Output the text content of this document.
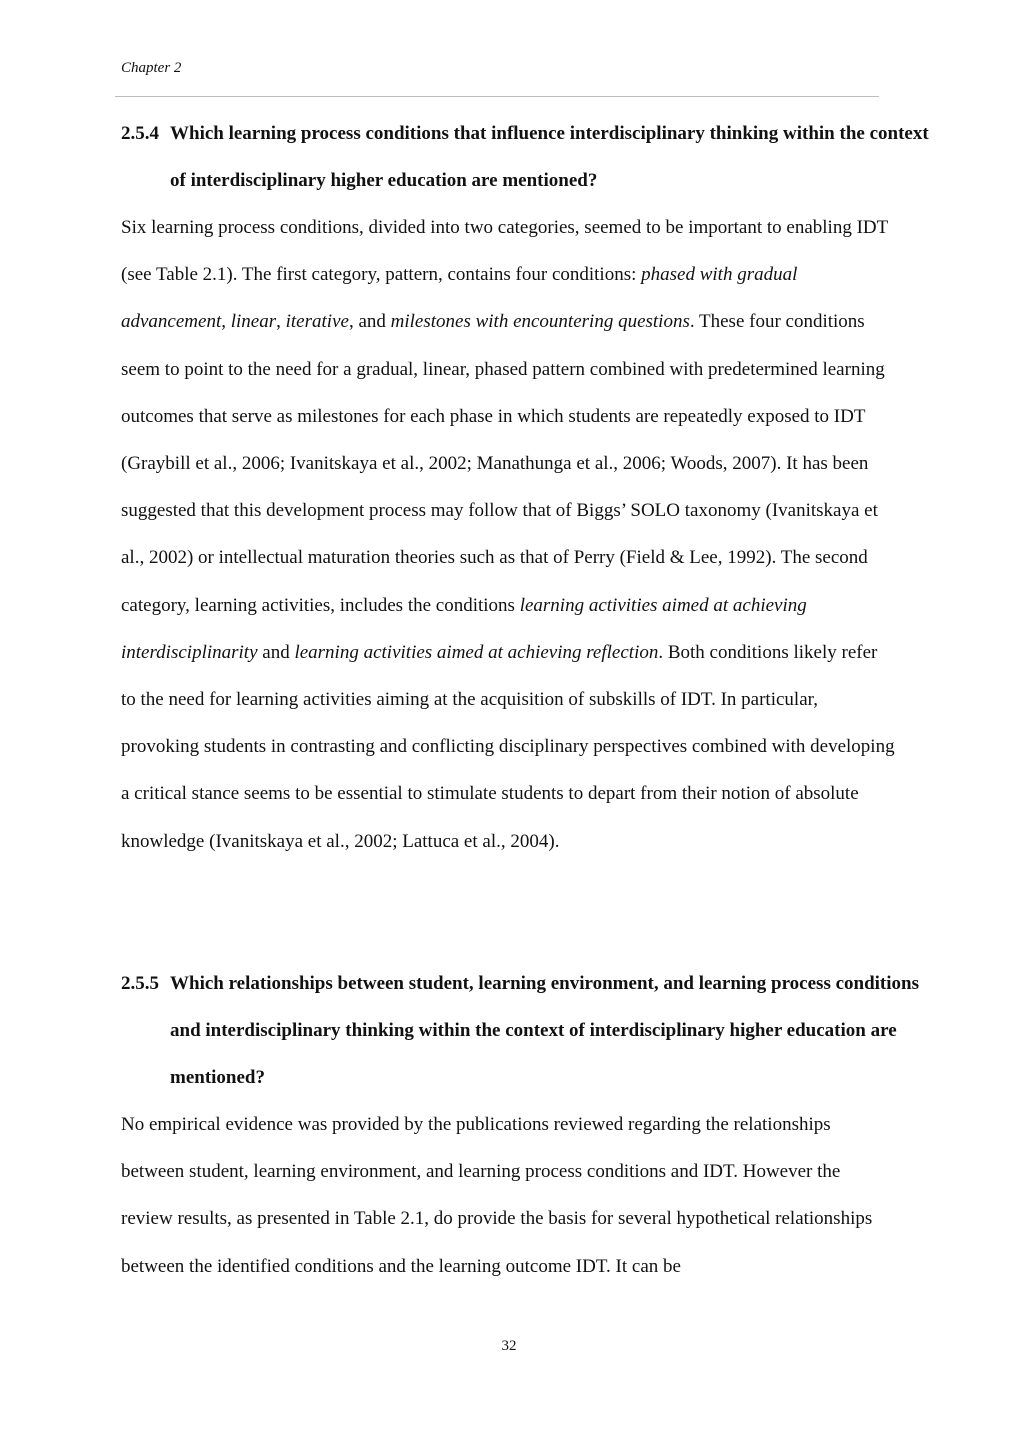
Chapter 2
2.5.4 Which learning process conditions that influence interdisciplinary thinking within the context of interdisciplinary higher education are mentioned?
Six learning process conditions, divided into two categories, seemed to be important to enabling IDT (see Table 2.1). The first category, pattern, contains four conditions: phased with gradual advancement, linear, iterative, and milestones with encountering questions. These four conditions seem to point to the need for a gradual, linear, phased pattern combined with predetermined learning outcomes that serve as milestones for each phase in which students are repeatedly exposed to IDT (Graybill et al., 2006; Ivanitskaya et al., 2002; Manathunga et al., 2006; Woods, 2007). It has been suggested that this development process may follow that of Biggs’ SOLO taxonomy (Ivanitskaya et al., 2002) or intellectual maturation theories such as that of Perry (Field & Lee, 1992). The second category, learning activities, includes the conditions learning activities aimed at achieving interdisciplinarity and learning activities aimed at achieving reflection. Both conditions likely refer to the need for learning activities aiming at the acquisition of subskills of IDT. In particular, provoking students in contrasting and conflicting disciplinary perspectives combined with developing a critical stance seems to be essential to stimulate students to depart from their notion of absolute knowledge (Ivanitskaya et al., 2002; Lattuca et al., 2004).
2.5.5 Which relationships between student, learning environment, and learning process conditions and interdisciplinary thinking within the context of interdisciplinary higher education are mentioned?
No empirical evidence was provided by the publications reviewed regarding the relationships between student, learning environment, and learning process conditions and IDT. However the review results, as presented in Table 2.1, do provide the basis for several hypothetical relationships between the identified conditions and the learning outcome IDT. It can be
32
